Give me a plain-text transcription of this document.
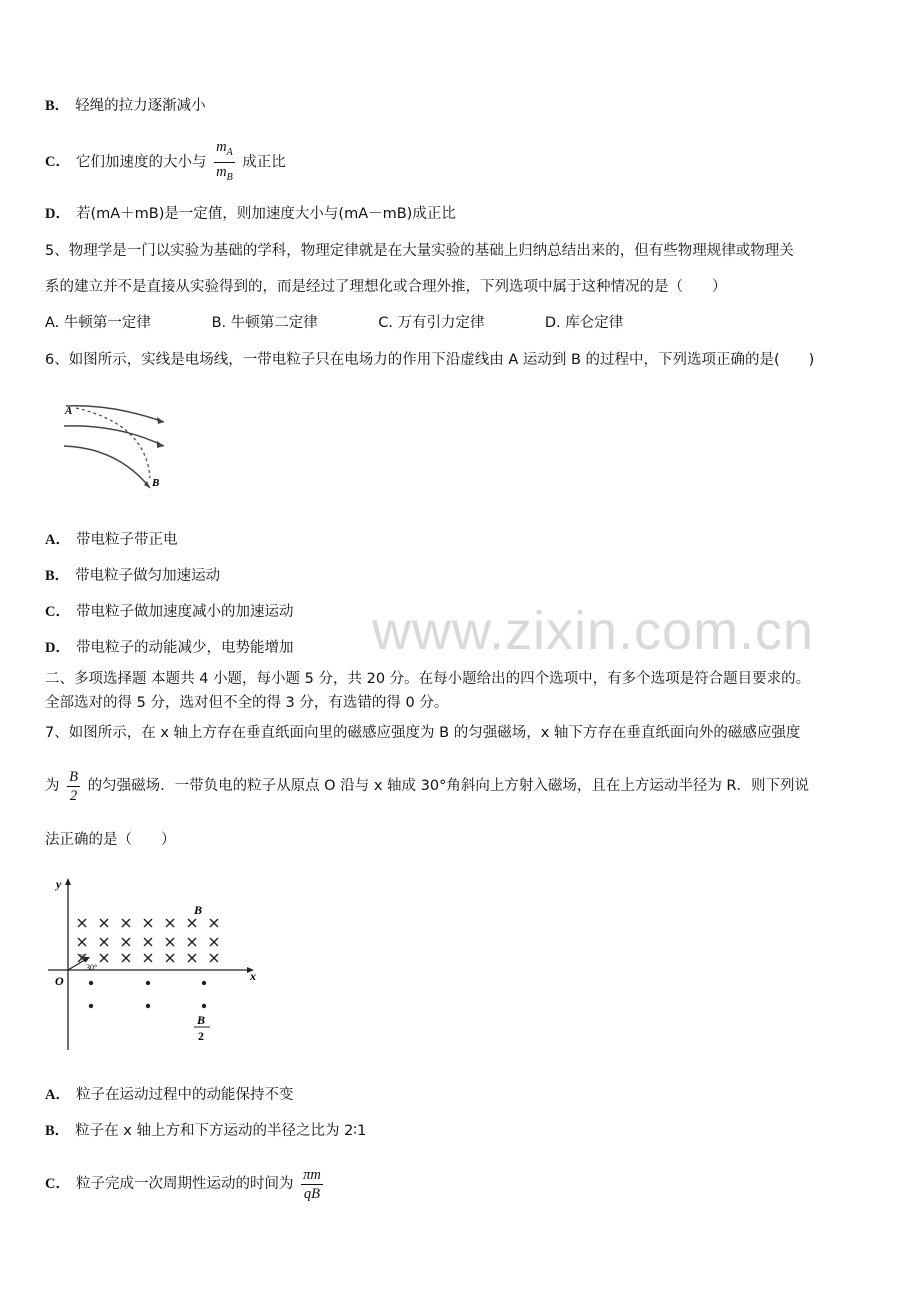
B． 轻绳的拉力逐渐减小
C． 它们加速度的大小与 $\frac{m_A}{m_B}$ 成正比
D． 若(mA＋mB)是一定值，则加速度大小与(mA－mB)成正比
5、物理学是一门以实验为基础的学科，物理定律就是在大量实验的基础上归纳总结出来的，但有些物理规律或物理关
系的建立并不是直接从实验得到的，而是经过了理想化或合理外推，下列选项中属于这种情况的是（　　）
A. 牛顿第一定律	B. 牛顿第二定律	C. 万有引力定律	D. 库仑定律
6、如图所示，实线是电场线，一带电粒子只在电场力的作用下沿虚线由 A 运动到 B 的过程中，下列选项正确的是(　　)
A
B
A． 带电粒子带正电
B． 带电粒子做匀加速运动
C． 带电粒子做加速度减小的加速运动
D． 带电粒子的动能减少，电势能增加
二、多项选择题 本题共 4 小题，每小题 5 分，共 20 分。在每小题给出的四个选项中，有多个选项是符合题目要求的。
全部选对的得 5 分，选对但不全的得 3 分，有选错的得 0 分。
7、如图所示，在 x 轴上方存在垂直纸面向里的磁感应强度为 B 的匀强磁场，x 轴下方存在垂直纸面向外的磁感应强度
为 $\frac{B}{2}$ 的匀强磁场．一带负电的粒子从原点 O 沿与 x 轴成 30°角斜向上方射入磁场，且在上方运动半径为 R．则下列说
法正确的是（　　）
y
x
O
v
30°
B
B
2
A． 粒子在运动过程中的动能保持不变
B． 粒子在 x 轴上方和下方运动的半径之比为 2∶1
C． 粒子完成一次周期性运动的时间为 $\frac{\pi m}{qB}$
www.zixin.com.cn
